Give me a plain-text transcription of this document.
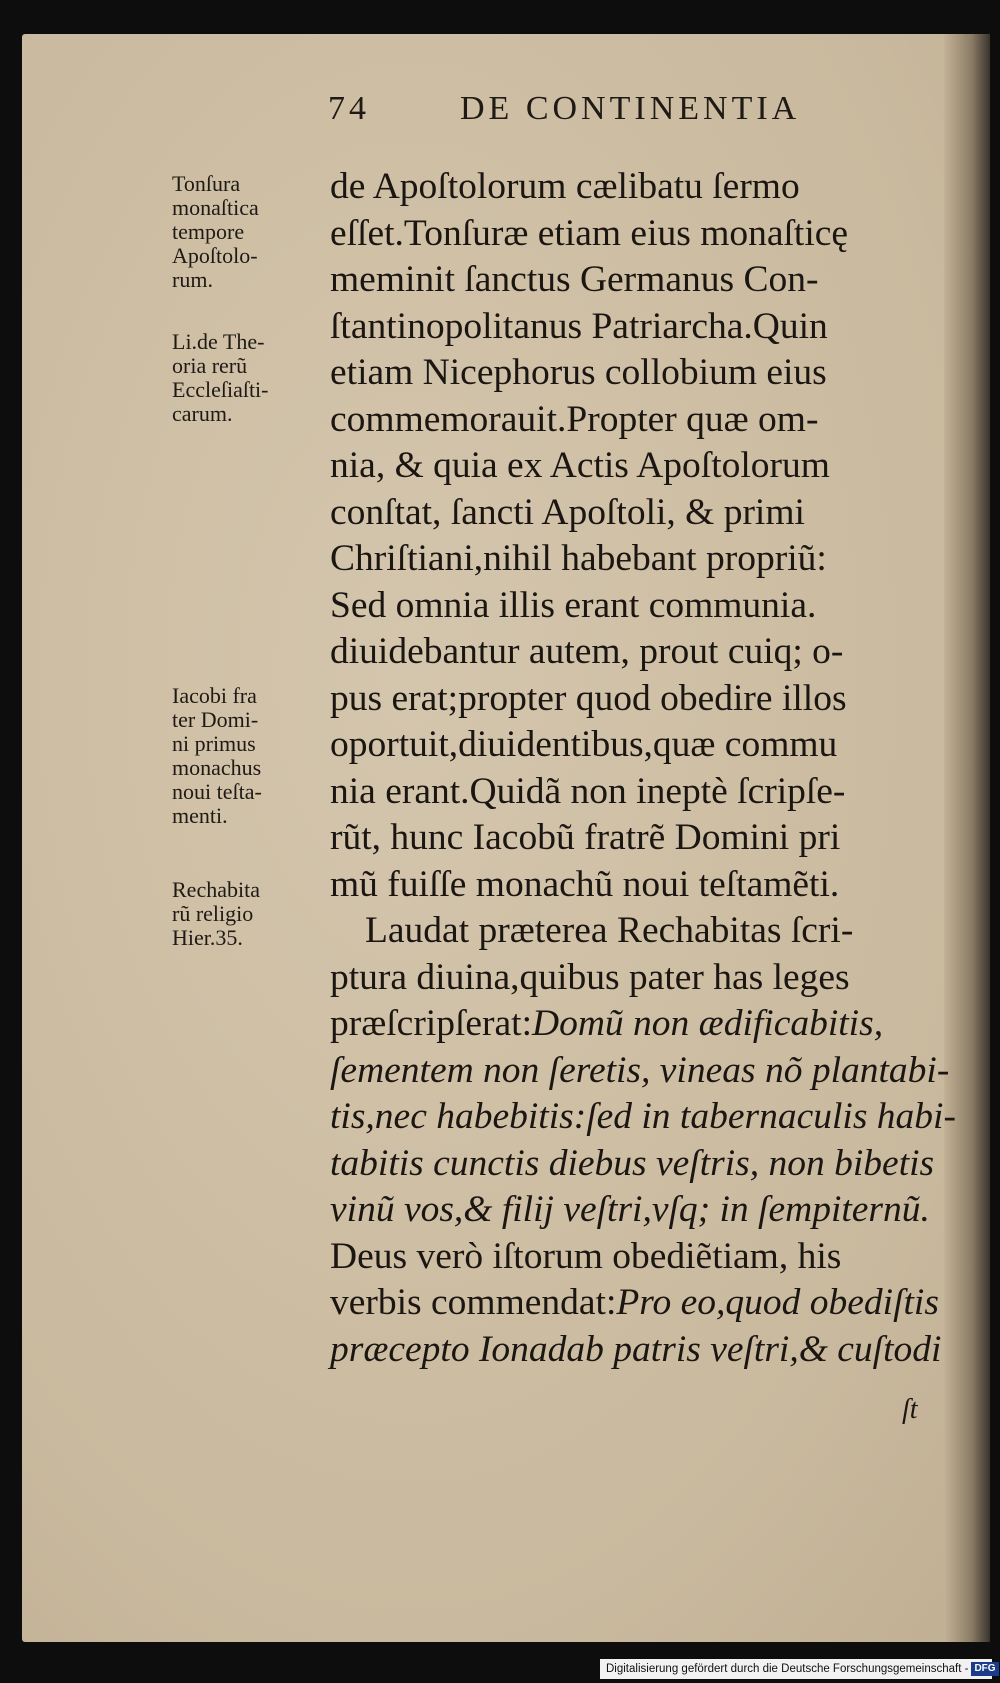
74	DE CONTINENTIA
Tonſura
monaſtica
tempore
Apoſtolo-
rum.
Li.de The-
oria rerũ
Eccleſiaſti-
carum.
Iacobi fra
ter Domi-
ni primus
monachus
noui teſta-
menti.
Rechabita
rũ religio
Hier.35.
de Apoſtolorum cælibatu ſermo
eſſet.Tonſuræ etiam eius monaſticę
meminit ſanctus Germanus Con-
ſtantinopolitanus Patriarcha.Quin
etiam Nicephorus collobium eius
commemorauit.Propter quæ om-
nia, & quia ex Actis Apoſtolorum
conſtat, ſancti Apoſtoli, & primi
Chriſtiani,nihil habebant propriũ:
Sed omnia illis erant communia.
diuidebantur autem, prout cuiq; o-
pus erat;propter quod obedire illos
oportuit,diuidentibus,quæ commu
nia erant.Quidã non ineptè ſcripſe-
rũt, hunc Iacobũ fratrẽ Domini pri
mũ fuiſſe monachũ noui teſtamẽti.
Laudat præterea Rechabitas ſcri-
ptura diuina,quibus pater has leges
præſcripſerat:Domũ non ædificabitis,
ſementem non ſeretis, vineas nõ plantabi-
tis,nec habebitis:ſed in tabernaculis habi-
tabitis cunctis diebus veſtris, non bibetis
vinũ vos,& filij veſtri,vſq; in ſempiternũ.
Deus verò iſtorum obediẽtiam, his
verbis commendat:Pro eo,quod obediſtis
præcepto Ionadab patris veſtri,& cuſtodi
ſt
Digitalisierung gefördert durch die Deutsche Forschungsgemeinschaft - DFG
